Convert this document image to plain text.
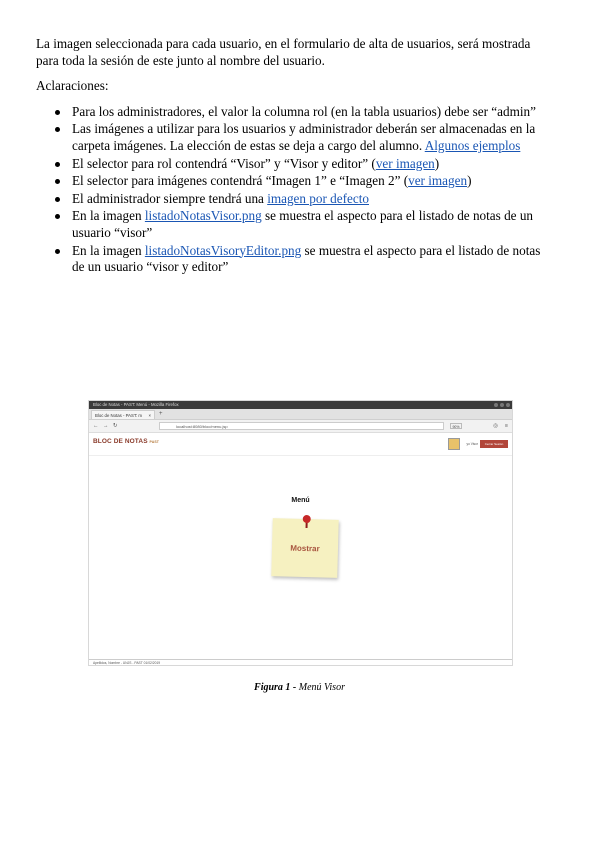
La imagen seleccionada para cada usuario, en el formulario de alta de usuarios, será mostrada para toda la sesión de este junto al nombre del usuario.

Aclaraciones:

Para los administradores, el valor la columna rol (en la tabla usuarios) debe ser “admin”
Las imágenes a utilizar para los usuarios y administrador deberán ser almacenadas en la carpeta imágenes. La elección de estas se deja a cargo del alumno. Algunos ejemplos
El selector para rol contendrá “Visor” y “Visor y editor” (ver imagen)
El selector para imágenes contendrá “Imagen 1” e “Imagen 2” (ver imagen)
El administrador siempre tendrá una imagen por defecto
En la imagen listadoNotasVisor.png se muestra el aspecto para el listado de notas de un usuario “visor”
En la imagen listadoNotasVisoryEditor.png se muestra el aspecto para el listado de notas de un usuario “visor y editor”
Bloc de Notas - PAST: Menú - Mozilla Firefox
Bloc de Notas - PAST: m × +
← → ↻	localhost:8080/bloc/menu.jsp	90%	◎ ≡
BLOC DE NOTAS PAST	yo Visor	Cerrar Sesión
Menú
Mostrar
Apellidos, Nombre - UNJS - PAST 01/02/2019
Figura 1 - Menú Visor
